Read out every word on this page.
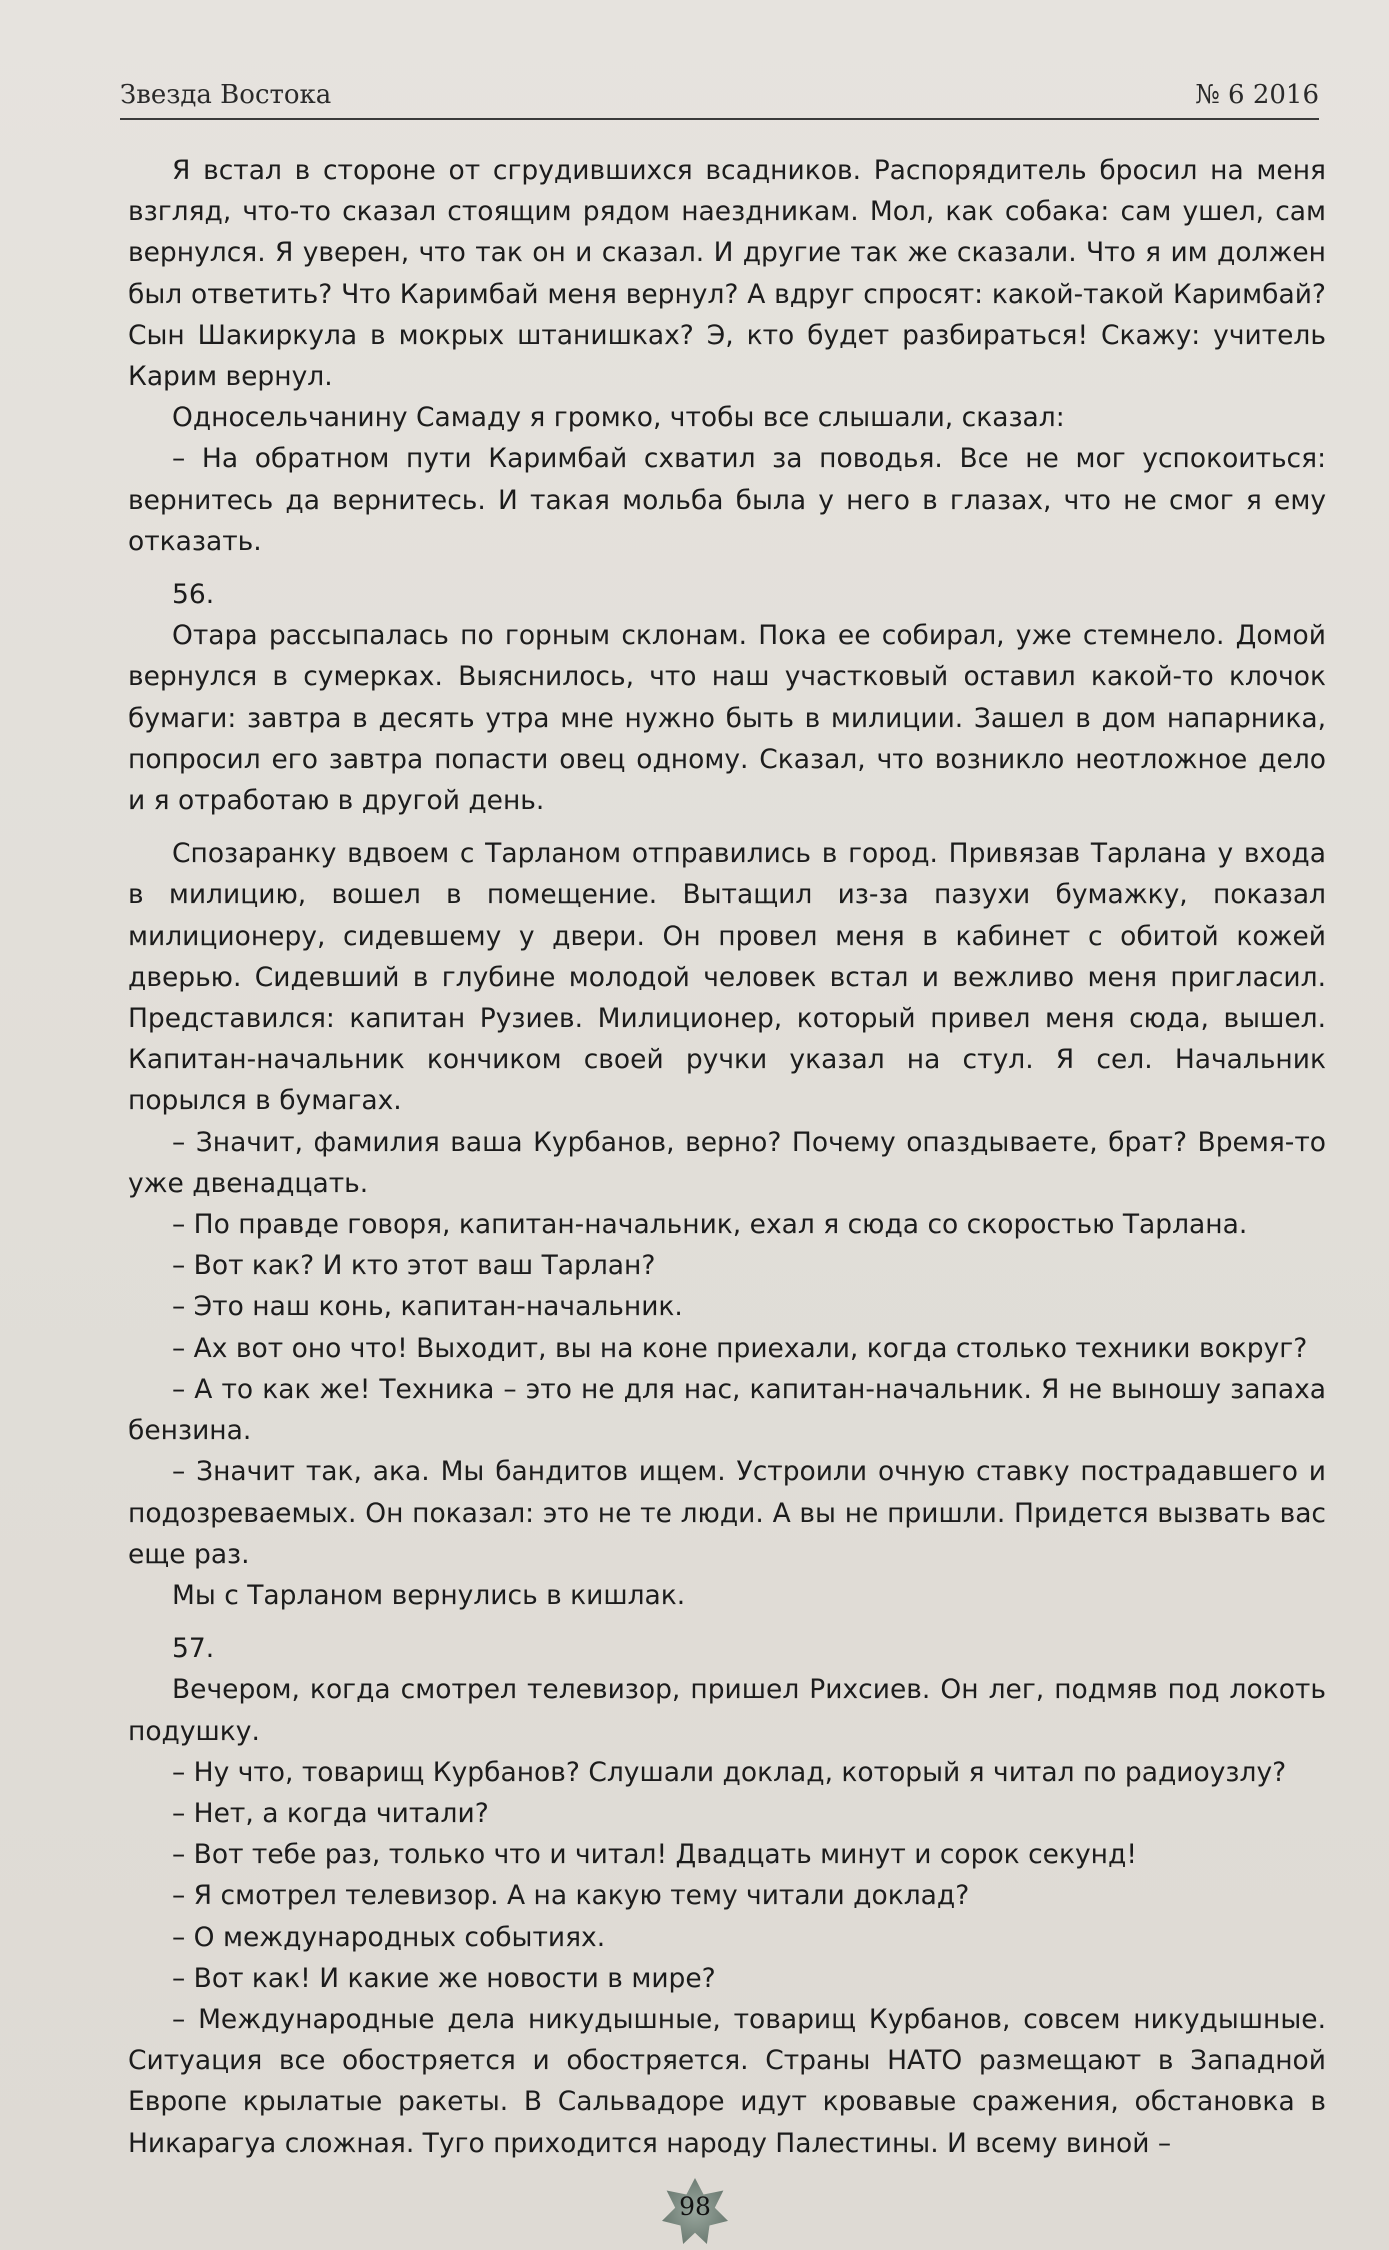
Звезда Востока	№ 6 2016

Я встал в стороне от сгрудившихся всадников. Распорядитель бросил на меня взгляд, что-то сказал стоящим рядом наездникам. Мол, как собака: сам ушел, сам вернулся. Я уверен, что так он и сказал. И другие так же сказали. Что я им должен был ответить? Что Каримбай меня вернул? А вдруг спросят: какой-такой Каримбай? Сын Шакиркула в мокрых штанишках? Э, кто будет разбираться! Скажу: учитель Карим вернул.

Односельчанину Самаду я громко, чтобы все слышали, сказал:

– На обратном пути Каримбай схватил за поводья. Все не мог успокоиться: вернитесь да вернитесь. И такая мольба была у него в глазах, что не смог я ему отказать.

56.

Отара рассыпалась по горным склонам. Пока ее собирал, уже стемнело. Домой вернулся в сумерках. Выяснилось, что наш участковый оставил какой-то клочок бумаги: завтра в десять утра мне нужно быть в милиции. Зашел в дом напарника, попросил его завтра попасти овец одному. Сказал, что возникло неотложное дело и я отработаю в другой день.

Спозаранку вдвоем с Тарланом отправились в город. Привязав Тарлана у входа в милицию, вошел в помещение. Вытащил из-за пазухи бумажку, показал милиционеру, сидевшему у двери. Он провел меня в кабинет с обитой кожей дверью. Сидевший в глубине молодой человек встал и вежливо меня пригласил. Представился: капитан Рузиев. Милиционер, который привел меня сюда, вышел. Капитан-начальник кончиком своей ручки указал на стул. Я сел. Начальник порылся в бумагах.

– Значит, фамилия ваша Курбанов, верно? Почему опаздываете, брат? Время-то уже двенадцать.

– По правде говоря, капитан-начальник, ехал я сюда со скоростью Тарлана.

– Вот как? И кто этот ваш Тарлан?

– Это наш конь, капитан-начальник.

– Ах вот оно что! Выходит, вы на коне приехали, когда столько техники вокруг?

– А то как же! Техника – это не для нас, капитан-начальник. Я не выношу запаха бензина.

– Значит так, ака. Мы бандитов ищем. Устроили очную ставку пострадавшего и подозреваемых. Он показал: это не те люди. А вы не пришли. Придется вызвать вас еще раз.

Мы с Тарланом вернулись в кишлак.

57.

Вечером, когда смотрел телевизор, пришел Рихсиев. Он лег, подмяв под локоть подушку.

– Ну что, товарищ Курбанов? Слушали доклад, который я читал по радиоузлу?

– Нет, а когда читали?

– Вот тебе раз, только что и читал! Двадцать минут и сорок секунд!

– Я смотрел телевизор. А на какую тему читали доклад?

– О международных событиях.

– Вот как! И какие же новости в мире?

– Международные дела никудышные, товарищ Курбанов, совсем никудышные. Ситуация все обостряется и обостряется. Страны НАТО размещают в Западной Европе крылатые ракеты. В Сальвадоре идут кровавые сражения, обстановка в Никарагуа сложная. Туго приходится народу Палестины. И всему виной –

98
